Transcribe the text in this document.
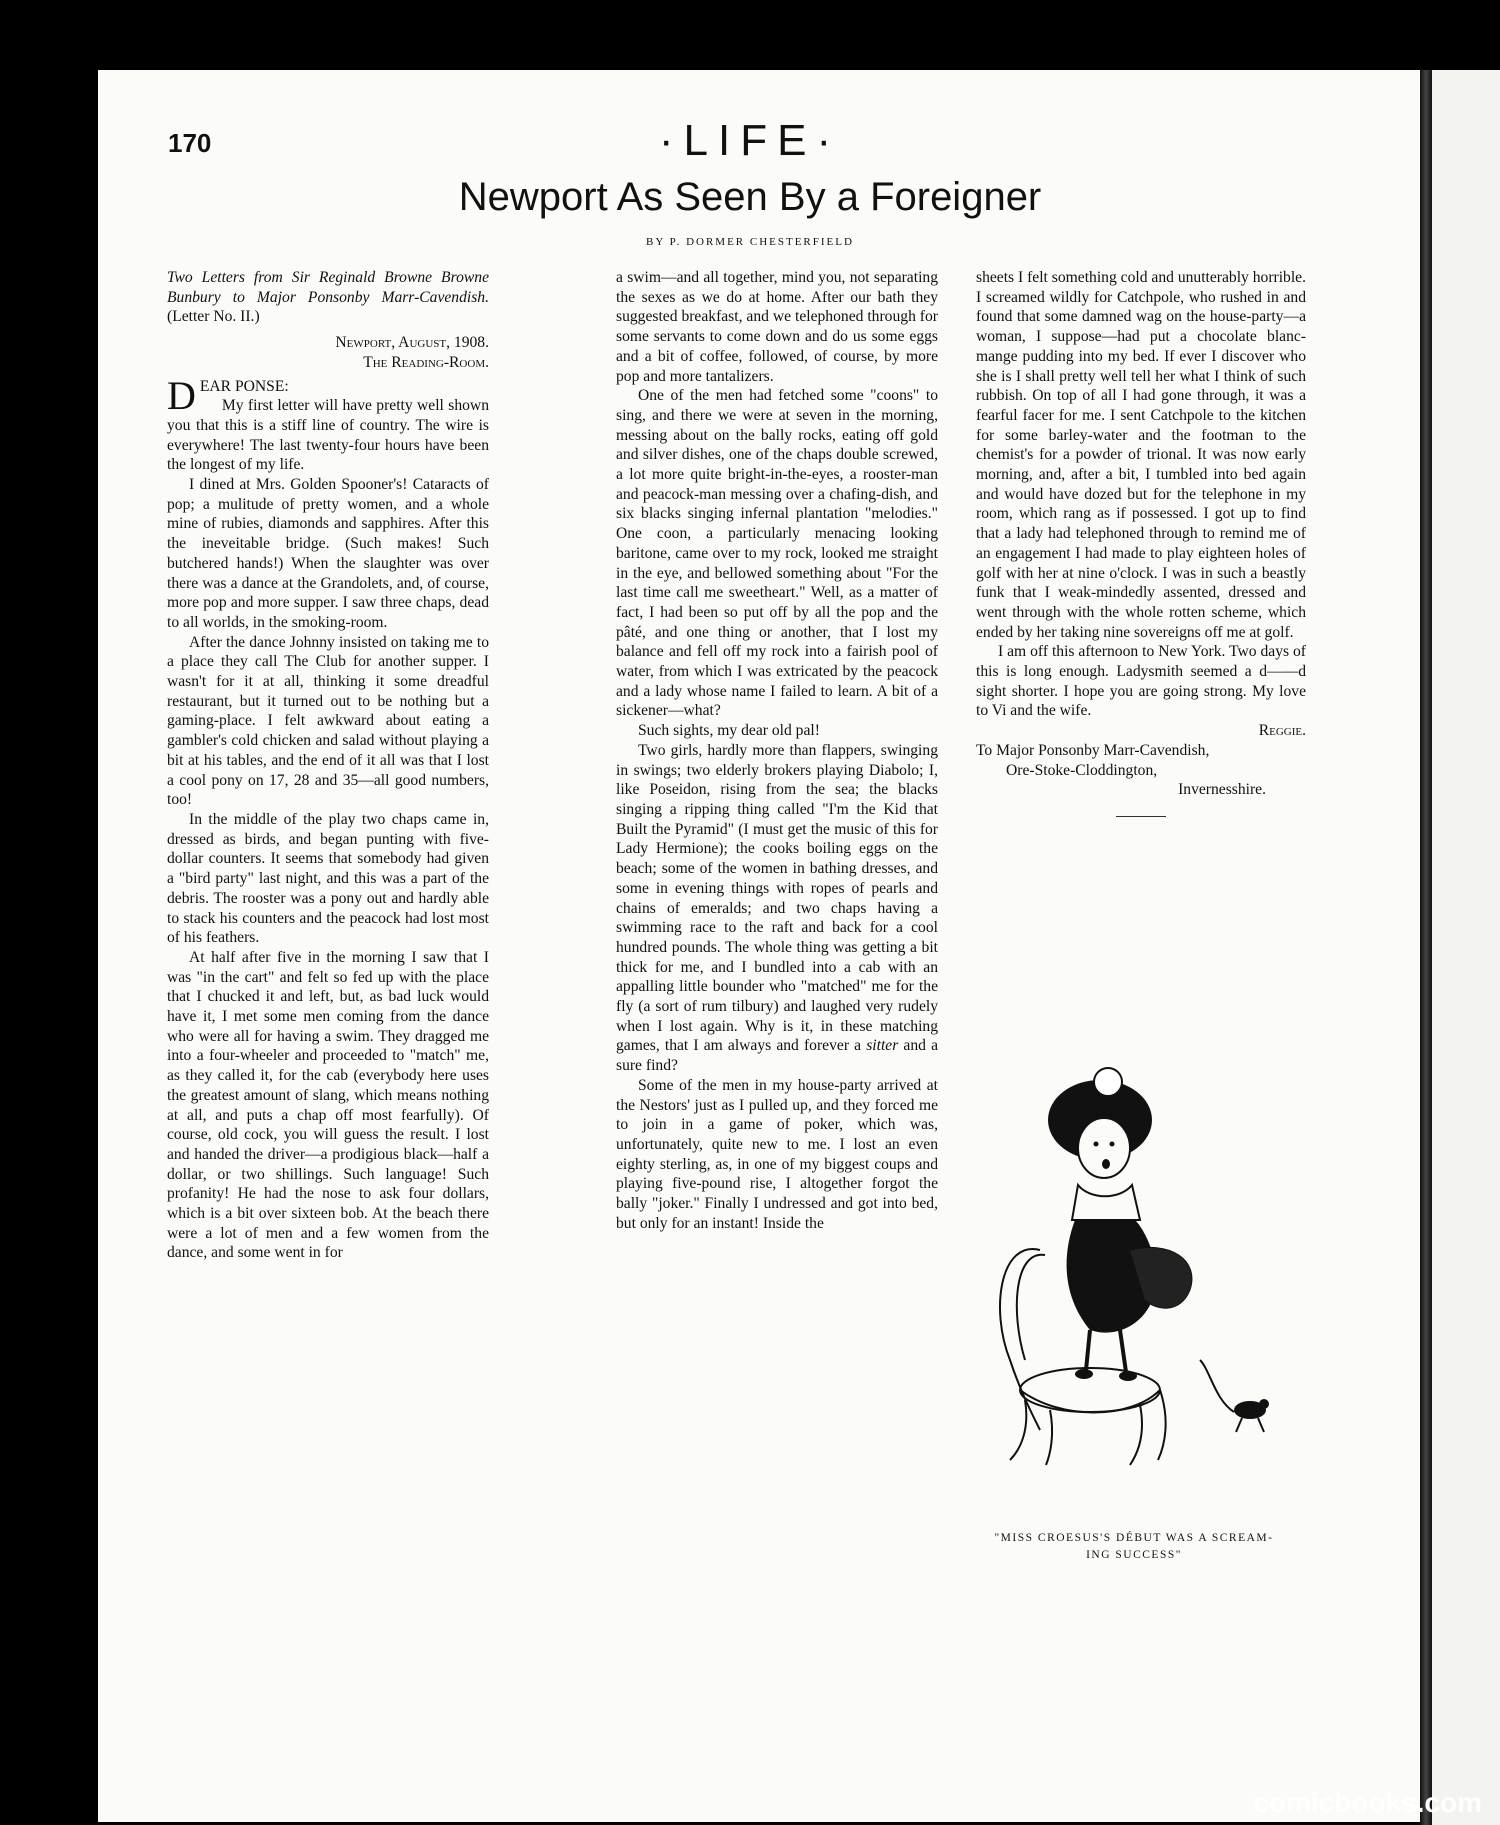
170	·LIFE·
Newport As Seen By a Foreigner
BY P. DORMER CHESTERFIELD

Two Letters from Sir Reginald Browne Browne Bunbury to Major Ponsonby Marr-Cavendish. (Letter No. II.)

Newport, August, 1908.

The Reading-Room.

DEAR PONSE:

My first letter will have pretty well shown you that this is a stiff line of country. The wire is everywhere! The last twenty-four hours have been the longest of my life.

I dined at Mrs. Golden Spooner's! Cataracts of pop; a mulitude of pretty women, and a whole mine of rubies, diamonds and sapphires. After this the ineveitable bridge. (Such makes! Such butchered hands!) When the slaughter was over there was a dance at the Grandolets, and, of course, more pop and more supper. I saw three chaps, dead to all worlds, in the smoking-room.

After the dance Johnny insisted on taking me to a place they call The Club for another supper. I wasn't for it at all, thinking it some dreadful restaurant, but it turned out to be nothing but a gaming-place. I felt awkward about eating a gambler's cold chicken and salad without playing a bit at his tables, and the end of it all was that I lost a cool pony on 17, 28 and 35—all good numbers, too!

In the middle of the play two chaps came in, dressed as birds, and began punting with five-dollar counters. It seems that somebody had given a "bird party" last night, and this was a part of the debris. The rooster was a pony out and hardly able to stack his counters and the peacock had lost most of his feathers.

At half after five in the morning I saw that I was "in the cart" and felt so fed up with the place that I chucked it and left, but, as bad luck would have it, I met some men coming from the dance who were all for having a swim. They dragged me into a four-wheeler and proceeded to "match" me, as they called it, for the cab (everybody here uses the greatest amount of slang, which means nothing at all, and puts a chap off most fearfully). Of course, old cock, you will guess the result. I lost and handed the driver—a prodigious black—half a dollar, or two shillings. Such language! Such profanity! He had the nose to ask four dollars, which is a bit over sixteen bob. At the beach there were a lot of men and a few women from the dance, and some went in for

a swim—and all together, mind you, not separating the sexes as we do at home. After our bath they suggested breakfast, and we telephoned through for some servants to come down and do us some eggs and a bit of coffee, followed, of course, by more pop and more tantalizers.

One of the men had fetched some "coons" to sing, and there we were at seven in the morning, messing about on the bally rocks, eating off gold and silver dishes, one of the chaps double screwed, a lot more quite bright-in-the-eyes, a rooster-man and peacock-man messing over a chafing-dish, and six blacks singing infernal plantation "melodies." One coon, a particularly menacing looking baritone, came over to my rock, looked me straight in the eye, and bellowed something about "For the last time call me sweetheart." Well, as a matter of fact, I had been so put off by all the pop and the pâté, and one thing or another, that I lost my balance and fell off my rock into a fairish pool of water, from which I was extricated by the peacock and a lady whose name I failed to learn. A bit of a sickener—what?

Such sights, my dear old pal!

Two girls, hardly more than flappers, swinging in swings; two elderly brokers playing Diabolo; I, like Poseidon, rising from the sea; the blacks singing a ripping thing called "I'm the Kid that Built the Pyramid" (I must get the music of this for Lady Hermione); the cooks boiling eggs on the beach; some of the women in bathing dresses, and some in evening things with ropes of pearls and chains of emeralds; and two chaps having a swimming race to the raft and back for a cool hundred pounds. The whole thing was getting a bit thick for me, and I bundled into a cab with an appalling little bounder who "matched" me for the fly (a sort of rum tilbury) and laughed very rudely when I lost again. Why is it, in these matching games, that I am always and forever a sitter and a sure find?

Some of the men in my house-party arrived at the Nestors' just as I pulled up, and they forced me to join in a game of poker, which was, unfortunately, quite new to me. I lost an even eighty sterling, as, in one of my biggest coups and playing five-pound rise, I altogether forgot the bally "joker." Finally I undressed and got into bed, but only for an instant! Inside the

sheets I felt something cold and unutterably horrible. I screamed wildly for Catchpole, who rushed in and found that some damned wag on the house-party—a woman, I suppose—had put a chocolate blanc-mange pudding into my bed. If ever I discover who she is I shall pretty well tell her what I think of such rubbish. On top of all I had gone through, it was a fearful facer for me. I sent Catchpole to the kitchen for some barley-water and the footman to the chemist's for a powder of trional. It was now early morning, and, after a bit, I tumbled into bed again and would have dozed but for the telephone in my room, which rang as if possessed. I got up to find that a lady had telephoned through to remind me of an engagement I had made to play eighteen holes of golf with her at nine o'clock. I was in such a beastly funk that I weak-mindedly assented, dressed and went through with the whole rotten scheme, which ended by her taking nine sovereigns off me at golf.

I am off this afternoon to New York. Two days of this is long enough. Ladysmith seemed a d——d sight shorter. I hope you are going strong. My love to Vi and the wife.

Reggie.

To Major Ponsonby Marr-Cavendish,

Ore-Stoke-Cloddington,
Invernesshire.
"MISS CROESUS'S DÉBUT WAS A SCREAM-
ING SUCCESS"
comicbooks.com
